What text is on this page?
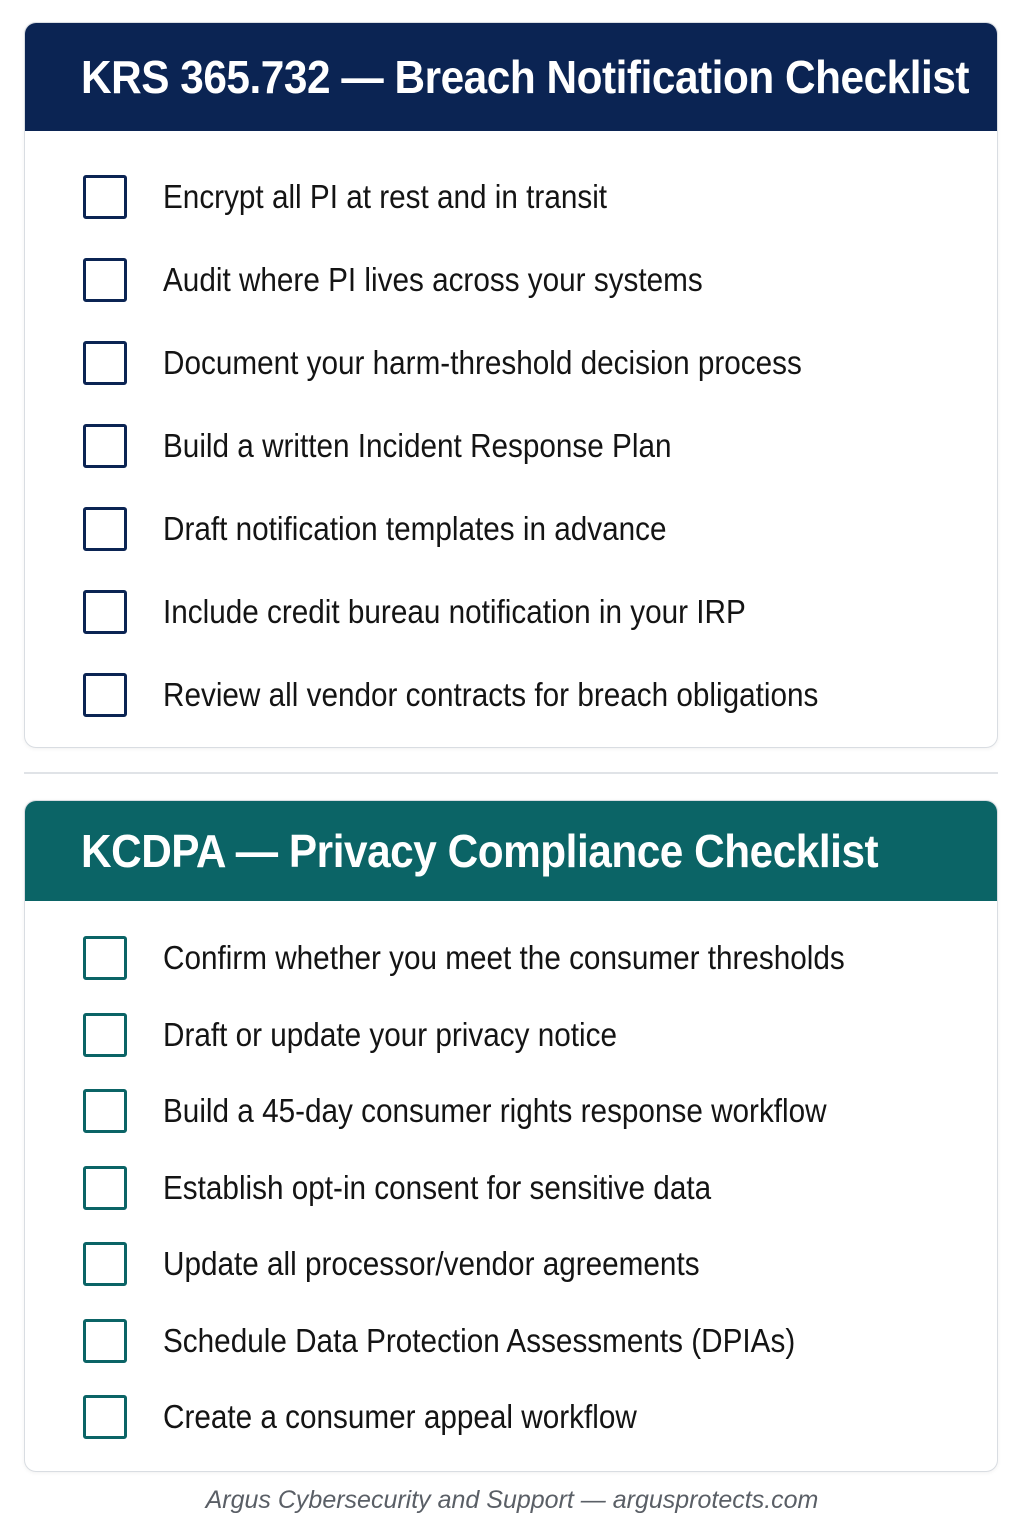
KRS 365.732 — Breach Notification Checklist
Encrypt all PI at rest and in transit
Audit where PI lives across your systems
Document your harm-threshold decision process
Build a written Incident Response Plan
Draft notification templates in advance
Include credit bureau notification in your IRP
Review all vendor contracts for breach obligations
KCDPA — Privacy Compliance Checklist
Confirm whether you meet the consumer thresholds
Draft or update your privacy notice
Build a 45-day consumer rights response workflow
Establish opt-in consent for sensitive data
Update all processor/vendor agreements
Schedule Data Protection Assessments (DPIAs)
Create a consumer appeal workflow
Argus Cybersecurity and Support — argusprotects.com
